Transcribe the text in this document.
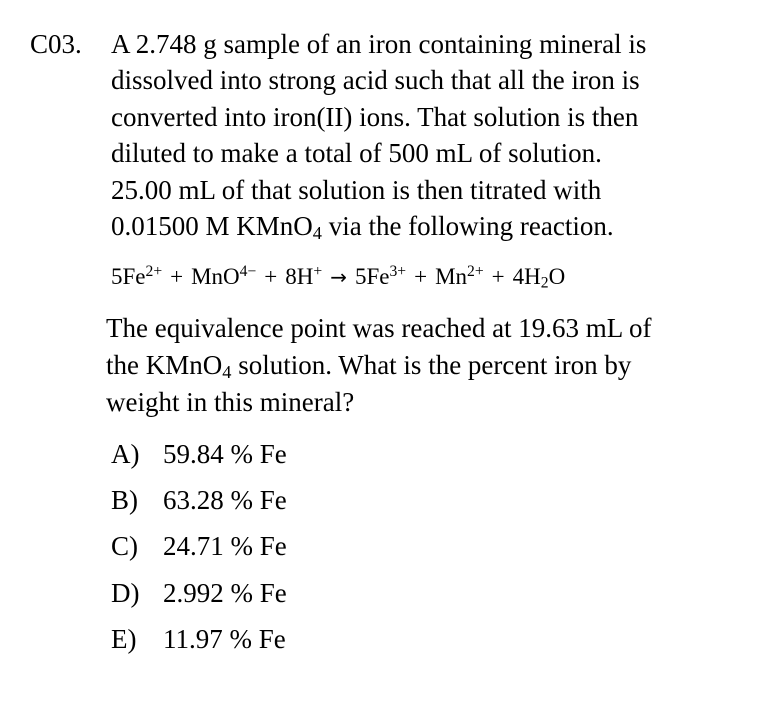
C03. A 2.748 g sample of an iron containing mineral is
dissolved into strong acid such that all the iron is
converted into iron(II) ions. That solution is then
diluted to make a total of 500 mL of solution.
25.00 mL of that solution is then titrated with
0.01500 M KMnO$_4$ via the following reaction.
$5Fe^{2+} + MnO^{4-} + 8H^+ \to 5Fe^{3+} + Mn^{2+} + 4H_2O$
The equivalence point was reached at 19.63 mL of
the KMnO$_4$ solution. What is the percent iron by
weight in this mineral?
A) 59.84 % Fe
B) 63.28 % Fe
C) 24.71 % Fe
D) 2.992 % Fe
E) 11.97 % Fe
